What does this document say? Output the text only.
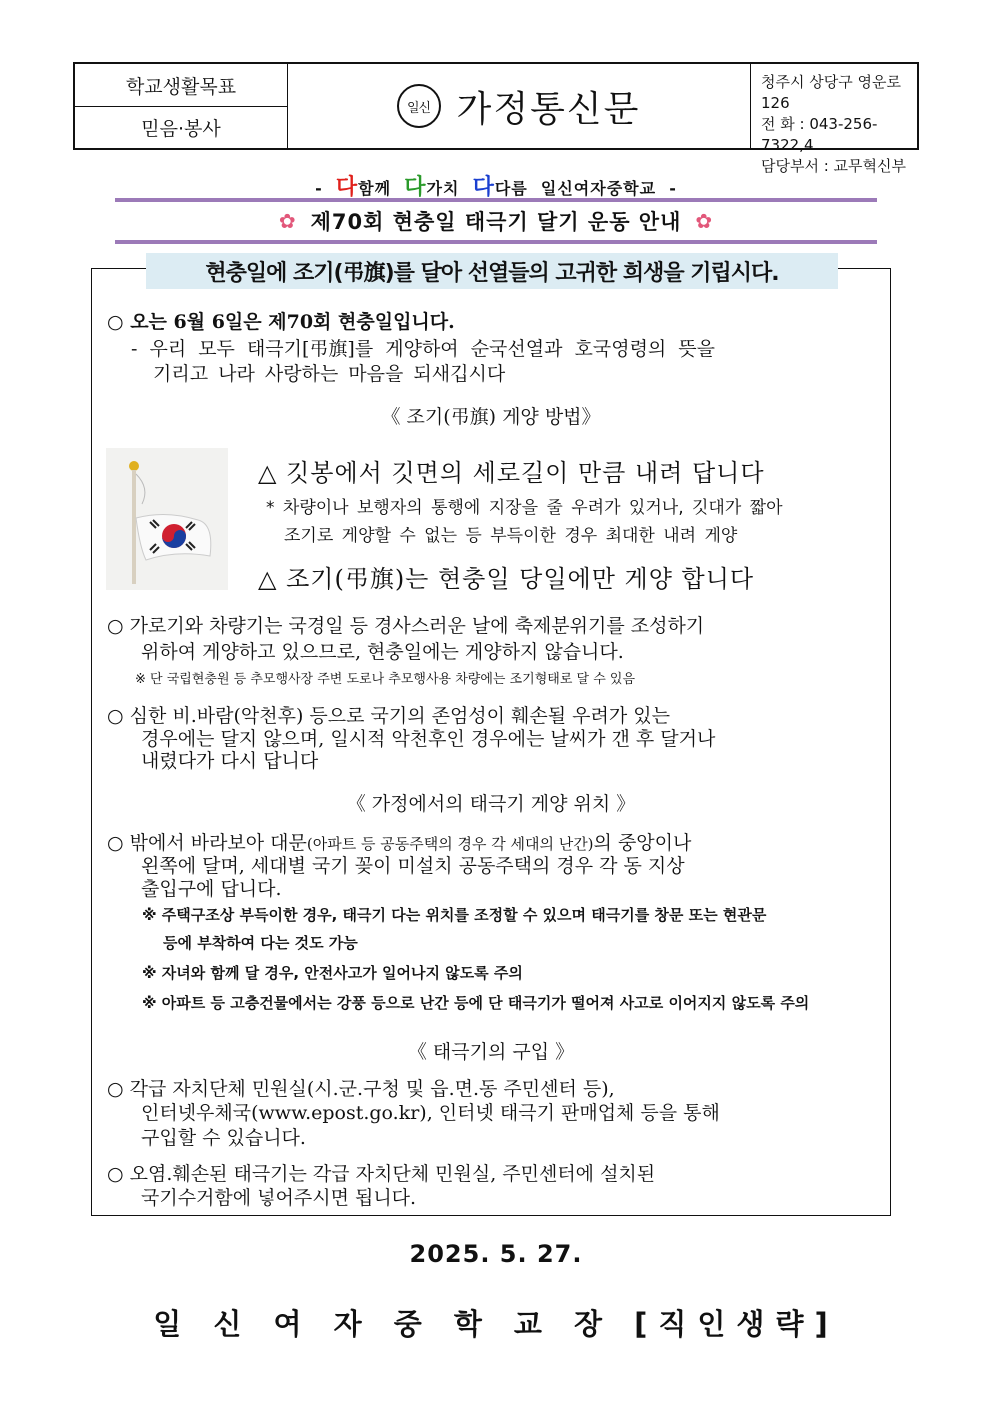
학교생활목표
믿음·봉사
일신 가정통신문
청주시 상당구 영운로 126
전 화 : 043-256-7322,4
담당부서 : 교무혁신부
- 다함께 다가치 다다름 일신여자중학교 -
✿ 제70회 현충일 태극기 달기 운동 안내 ✿
현충일에 조기(弔旗)를 달아 선열들의 고귀한 희생을 기립시다.
○ 오는 6월 6일은 제70회 현충일입니다.
- 우리 모두 태극기[弔旗]를 게양하여 순국선열과 호국영령의 뜻을
기리고 나라 사랑하는 마음을 되새깁시다
《 조기(弔旗) 게양 방법》
△ 깃봉에서 깃면의 세로길이 만큼 내려 답니다
* 차량이나 보행자의 통행에 지장을 줄 우려가 있거나, 깃대가 짧아
조기로 게양할 수 없는 등 부득이한 경우 최대한 내려 게양
△ 조기(弔旗)는 현충일 당일에만 게양 합니다
○ 가로기와 차량기는 국경일 등 경사스러운 날에 축제분위기를 조성하기
위하여 게양하고 있으므로, 현충일에는 게양하지 않습니다.
※ 단 국립현충원 등 추모행사장 주변 도로나 추모행사용 차량에는 조기형태로 달 수 있음
○ 심한 비.바람(악천후) 등으로 국기의 존엄성이 훼손될 우려가 있는
경우에는 달지 않으며, 일시적 악천후인 경우에는 날씨가 갠 후 달거나
내렸다가 다시 답니다
《 가정에서의 태극기 게양 위치 》
○ 밖에서 바라보아 대문(아파트 등 공동주택의 경우 각 세대의 난간)의 중앙이나
왼쪽에 달며, 세대별 국기 꽂이 미설치 공동주택의 경우 각 동 지상
출입구에 답니다.
※ 주택구조상 부득이한 경우, 태극기 다는 위치를 조정할 수 있으며 태극기를 창문 또는 현관문
등에 부착하여 다는 것도 가능
※ 자녀와 함께 달 경우, 안전사고가 일어나지 않도록 주의
※ 아파트 등 고층건물에서는 강풍 등으로 난간 등에 단 태극기가 떨어져 사고로 이어지지 않도록 주의
《 태극기의 구입 》
○ 각급 자치단체 민원실(시.군.구청 및 읍.면.동 주민센터 등),
인터넷우체국(www.epost.go.kr), 인터넷 태극기 판매업체 등을 통해
구입할 수 있습니다.
○ 오염.훼손된 태극기는 각급 자치단체 민원실, 주민센터에 설치된
국기수거함에 넣어주시면 됩니다.
2025. 5. 27.
일 신 여 자 중 학 교 장 [직인생략]
